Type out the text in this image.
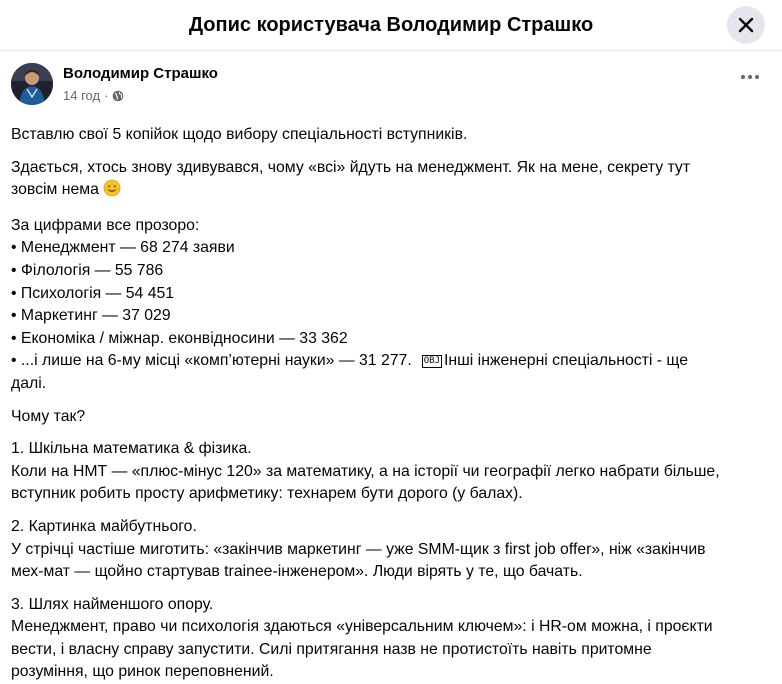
Допис користувача Володимир Страшко
Володимир Страшко
14 год ·

Вставлю свої 5 копійок щодо вибору спеціальності вступників.

Здається, хтось знову здивувався, чому «всі» йдуть на менеджмент. Як на мене, секрету тут

зовсім нема

За цифрами все прозоро:

• Менеджмент — 68 274 заяви

• Філологія — 55 786

• Психологія — 54 451

• Маркетинг — 37 029

• Економіка / міжнар. еконвідносини — 33 362

• ...і лише на 6-му місці «комп’ютерні науки» — 31 277. OBJ Інші інженерні спеціальності - ще

далі.

Чому так?

1. Шкільна математика & фізика.

Коли на НМТ — «плюс-мінус 120» за математику, а на історії чи географії легко набрати більше,

вступник робить просту арифметику: технарем бути дорого (у балах).

2. Картинка майбутнього.

У стрічці частіше миготить: «закінчив маркетинг — уже SMM-щик з first job offer», ніж «закінчив

мех-мат — щойно стартував trainee-інженером». Люди вірять у те, що бачать.

3. Шлях найменшого опору.

Менеджмент, право чи психологія здаються «універсальним ключем»: і HR-ом можна, і проєкти

вести, і власну справу запустити. Силі притягання назв не протистоїть навіть притомне

розуміння, що ринок переповнений.
